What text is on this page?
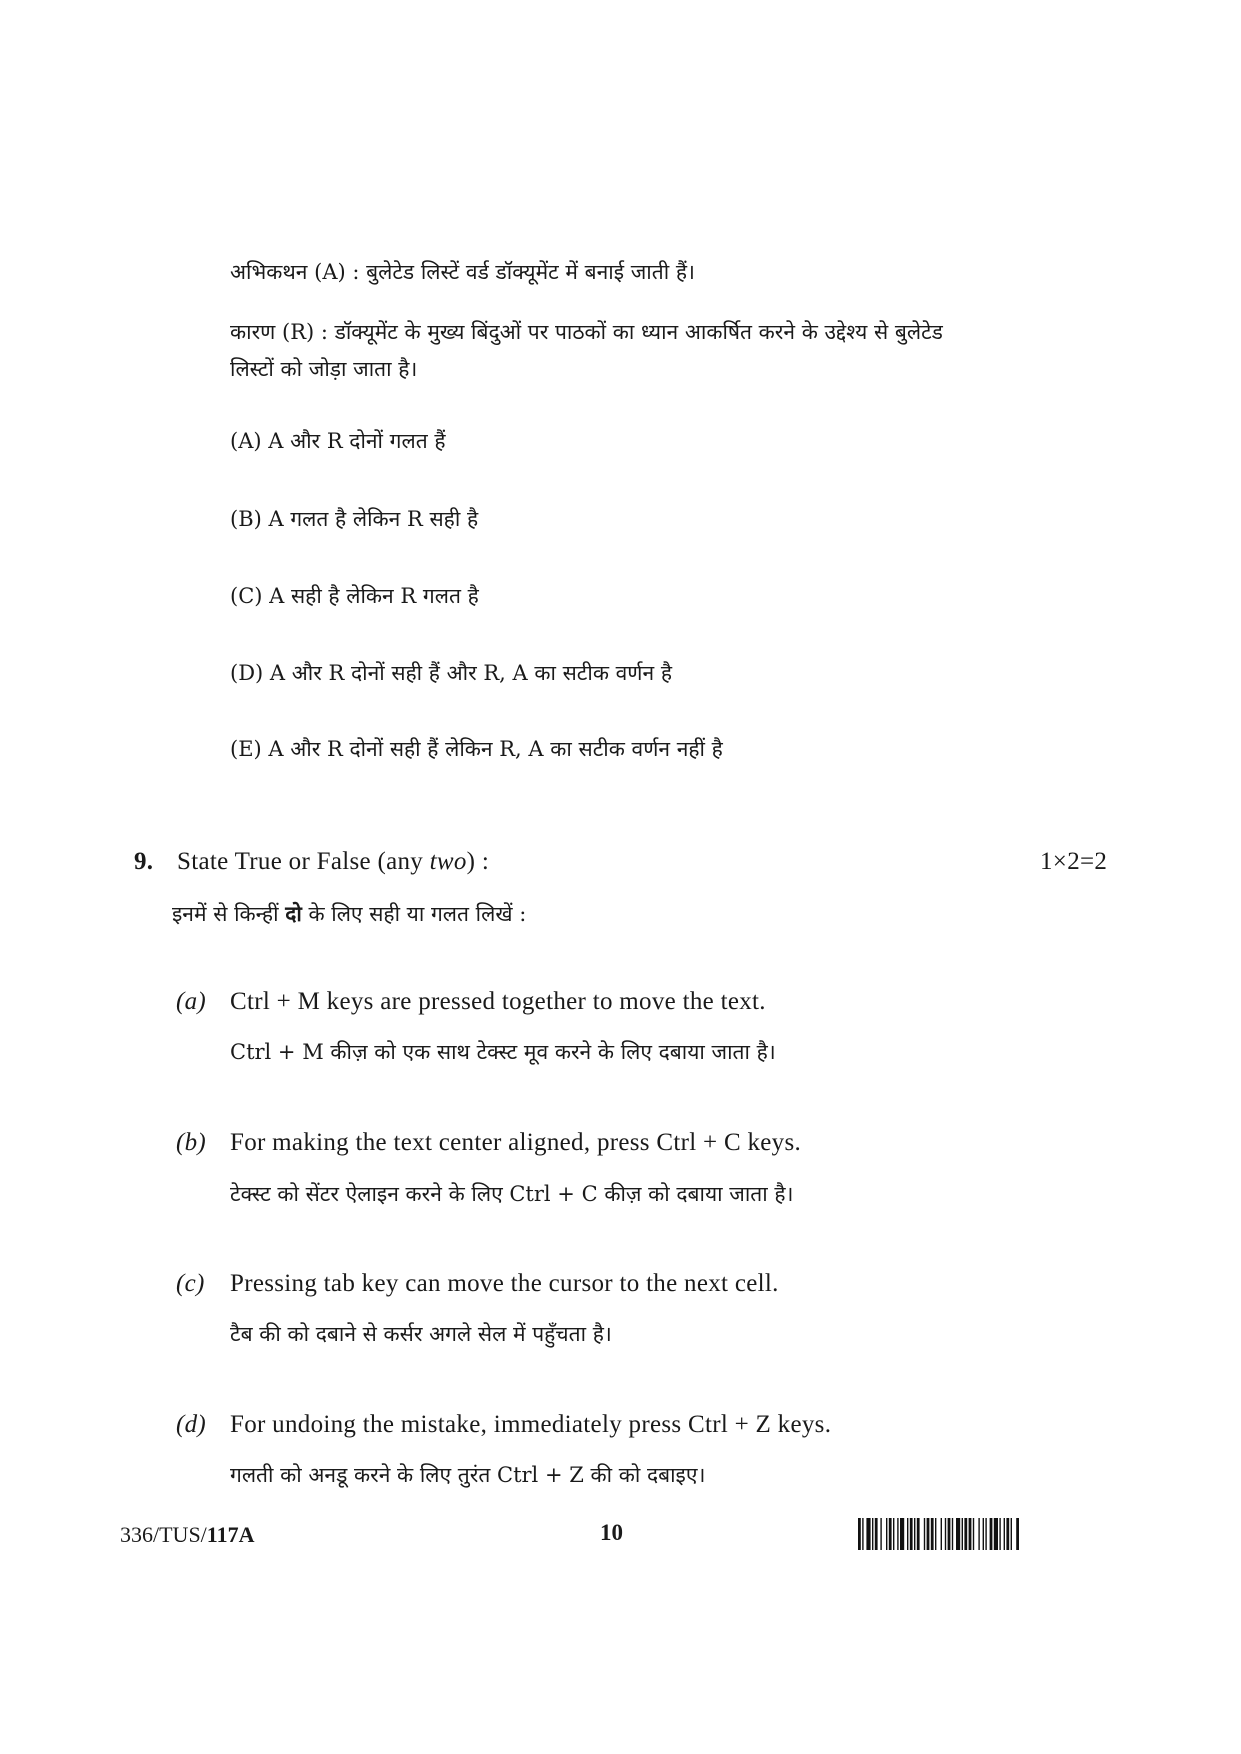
अभिकथन (A) : बुलेटेड लिस्टें वर्ड डॉक्यूमेंट में बनाई जाती हैं।
कारण (R) : डॉक्यूमेंट के मुख्य बिंदुओं पर पाठकों का ध्यान आकर्षित करने के उद्देश्य से बुलेटेड
लिस्टों को जोड़ा जाता है।
(A) A और R दोनों गलत हैं
(B) A गलत है लेकिन R सही है
(C) A सही है लेकिन R गलत है
(D) A और R दोनों सही हैं और R, A का सटीक वर्णन है
(E) A और R दोनों सही हैं लेकिन R, A का सटीक वर्णन नहीं है
9. State True or False (any two) :	1×2=2
इनमें से किन्हीं दो के लिए सही या गलत लिखें :
(a) Ctrl + M keys are pressed together to move the text.
Ctrl + M कीज़ को एक साथ टेक्स्ट मूव करने के लिए दबाया जाता है।
(b) For making the text center aligned, press Ctrl + C keys.
टेक्स्ट को सेंटर ऐलाइन करने के लिए Ctrl + C कीज़ को दबाया जाता है।
(c) Pressing tab key can move the cursor to the next cell.
टैब की को दबाने से कर्सर अगले सेल में पहुँचता है।
(d) For undoing the mistake, immediately press Ctrl + Z keys.
गलती को अनडू करने के लिए तुरंत Ctrl + Z की को दबाइए।
336/TUS/117A	10
